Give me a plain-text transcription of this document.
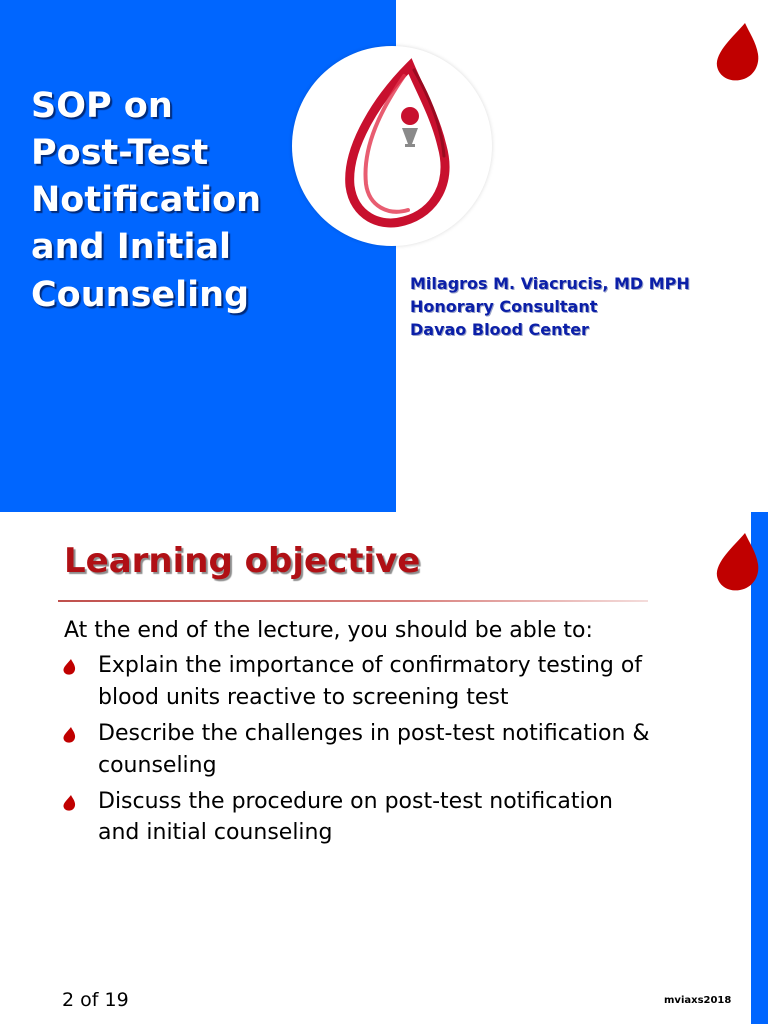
SOP on
Post-Test
Notification
and Initial
Counseling	Milagros M. Viacrucis, MD MPH
Honorary Consultant
Davao Blood Center
Learning objective
At the end of the lecture, you should be able to:
Explain the importance of confirmatory testing of
blood units reactive to screening test
Describe the challenges in post-test notification &
counseling
Discuss the procedure on post-test notification
and initial counseling
2 of 19	mviaxs2018
